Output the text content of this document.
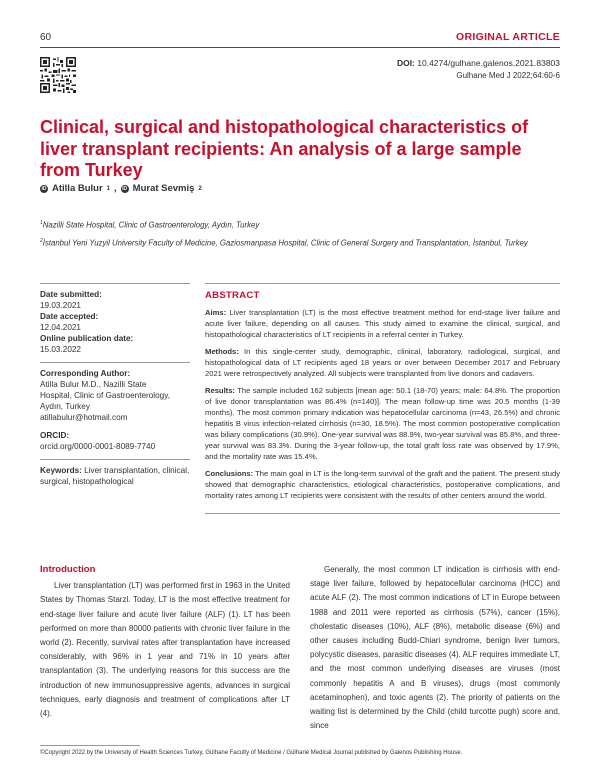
60	ORIGINAL ARTICLE
DOI: 10.4274/gulhane.galenos.2021.83803
Gulhane Med J 2022;64:60-6
Clinical, surgical and histopathological characteristics of liver transplant recipients: An analysis of a large sample from Turkey
iD Atilla Bulur 1 ,	iD Murat Sevmiş 2
$^1$Nazilli State Hospital, Clinic of Gastroenterology, Aydın, Turkey
$^2$İstanbul Yeni Yuzyil University Faculty of Medicine, Gaziosmanpasa Hospital, Clinic of General Surgery and Transplantation, İstanbul, Turkey
Date submitted:
19.03.2021
Date accepted:
12.04.2021
Online publication date:
15.03.2022
Corresponding Author:
Atilla Bulur M.D., Nazilli State
Hospital, Clinic of Gastroenterology,
Aydın, Turkey
atillabulur@hotmail.com
ORCID:
orcid.org/0000-0001-8089-7740
Keywords: Liver transplantation, clinical, surgical, histopathological
ABSTRACT

Aims: Liver transplantation (LT) is the most effective treatment method for end-stage liver failure and acute liver failure, depending on all causes. This study aimed to examine the clinical, surgical, and histopathological characteristics of LT recipients in a referral center in Turkey.

Methods: In this single-center study, demographic, clinical, laboratory, radiological, surgical, and histopathological data of LT recipients aged 18 years or over between December 2017 and February 2021 were retrospectively analyzed. All subjects were transplanted from live donors and cadavers.

Results: The sample included 162 subjects [mean age: 50.1 (18-70) years; male: 64.8%. The proportion of live donor transplantation was 86.4% (n=140)]. The mean follow-up time was 20.5 months (1-39 months). The most common primary indication was hepatocellular carcinoma (n=43, 26.5%) and chronic hepatitis B virus infection-related cirrhosis (n=30, 18.5%). The most common postoperative complication was biliary complications (30.9%). One-year survival was 88.9%, two-year survival was 85.8%, and three-year survival was 83.3%. During the 3-year follow-up, the total graft loss rate was observed by 17.9%, and the mortality rate was 15.4%.

Conclusions: The main goal in LT is the long-term survival of the graft and the patient. The present study showed that demographic characteristics, etiological characteristics, postoperative complications, and mortality rates among LT recipients were consistent with the results of other centers around the world.

Introduction

Liver transplantation (LT) was performed first in 1963 in the United States by Thomas Starzl. Today, LT is the most effective treatment for end-stage liver failure and acute liver failure (ALF) (1). LT has been performed on more than 80000 patients with chronic liver failure in the world (2). Recently, survival rates after transplantation have increased considerably, with 96% in 1 year and 71% in 10 years after transplantation (3). The underlying reasons for this success are the introduction of new immunosuppressive agents, advances in surgical techniques, early diagnosis and treatment of complications after LT (4).

Generally, the most common LT indication is cirrhosis with end-stage liver failure, followed by hepatocellular carcinoma (HCC) and acute ALF (2). The most common indications of LT in Europe between 1988 and 2011 were reported as cirrhosis (57%), cancer (15%), cholestatic diseases (10%), ALF (8%), metabolic disease (6%) and other causes including Budd-Chiari syndrome, benign liver tumors, polycystic diseases, parasitic diseases (4). ALF requires immediate LT, and the most common underlying diseases are viruses (most commonly hepatitis A and B viruses), drugs (most commonly acetaminophen), and toxic agents (2). The priority of patients on the waiting list is determined by the Child (child turcotte pugh) score and, since

©Copyright 2022 by the University of Health Sciences Turkey, Gülhane Faculty of Medicine / Gülhane Medical Journal published by Galenos Publishing House.
